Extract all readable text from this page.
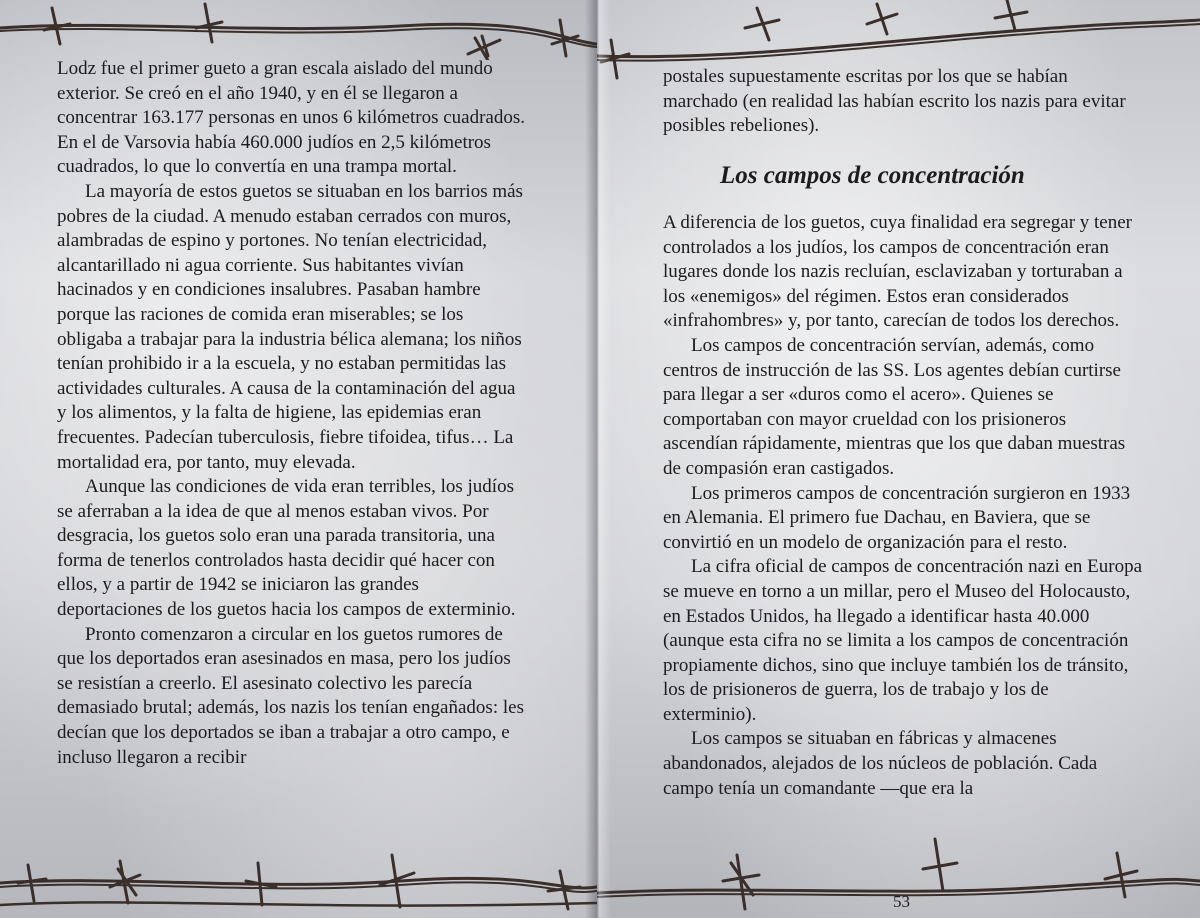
Lodz fue el primer gueto a gran escala aislado del mundo exterior. Se creó en el año 1940, y en él se llegaron a concentrar 163.177 personas en unos 6 kilómetros cuadrados. En el de Varsovia había 460.000 judíos en 2,5 kilómetros cuadrados, lo que lo convertía en una trampa mortal.

La mayoría de estos guetos se situaban en los barrios más pobres de la ciudad. A menudo estaban cerrados con muros, alambradas de espino y portones. No tenían electricidad, alcantarillado ni agua corriente. Sus habitantes vivían hacinados y en condiciones insalubres. Pasaban hambre porque las raciones de comida eran miserables; se los obligaba a trabajar para la industria bélica alemana; los niños tenían prohibido ir a la escuela, y no estaban permitidas las actividades culturales. A causa de la contaminación del agua y los alimentos, y la falta de higiene, las epidemias eran frecuentes. Padecían tuberculosis, fiebre tifoidea, tifus… La mortalidad era, por tanto, muy elevada.

Aunque las condiciones de vida eran terribles, los judíos se aferraban a la idea de que al menos estaban vivos. Por desgracia, los guetos solo eran una parada transitoria, una forma de tenerlos controlados hasta decidir qué hacer con ellos, y a partir de 1942 se iniciaron las grandes deportaciones de los guetos hacia los campos de exterminio.

Pronto comenzaron a circular en los guetos rumores de que los deportados eran asesinados en masa, pero los judíos se resistían a creerlo. El asesinato colectivo les parecía demasiado brutal; además, los nazis los tenían engañados: les decían que los deportados se iban a trabajar a otro campo, e incluso llegaron a recibir

postales supuestamente escritas por los que se habían marchado (en realidad las habían escrito los nazis para evitar posibles rebeliones).

Los campos de concentración

A diferencia de los guetos, cuya finalidad era segregar y tener controlados a los judíos, los campos de concentración eran lugares donde los nazis recluían, esclavizaban y torturaban a los «enemigos» del régimen. Estos eran considerados «infrahombres» y, por tanto, carecían de todos los derechos.

Los campos de concentración servían, además, como centros de instrucción de las SS. Los agentes debían curtirse para llegar a ser «duros como el acero». Quienes se comportaban con mayor crueldad con los prisioneros ascendían rápidamente, mientras que los que daban muestras de compasión eran castigados.

Los primeros campos de concentración surgieron en 1933 en Alemania. El primero fue Dachau, en Baviera, que se convirtió en un modelo de organización para el resto.

La cifra oficial de campos de concentración nazi en Europa se mueve en torno a un millar, pero el Museo del Holocausto, en Estados Unidos, ha llegado a identificar hasta 40.000 (aunque esta cifra no se limita a los campos de concentración propiamente dichos, sino que incluye también los de tránsito, los de prisioneros de guerra, los de trabajo y los de exterminio).

Los campos se situaban en fábricas y almacenes abandonados, alejados de los núcleos de población. Cada campo tenía un comandante —que era la

53
